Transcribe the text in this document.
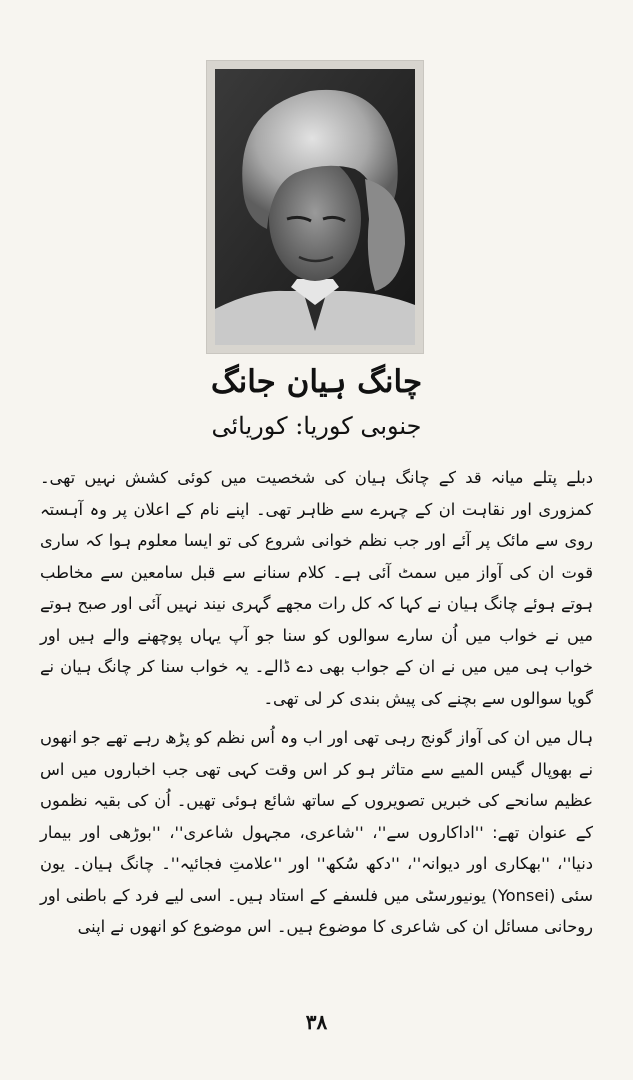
چانگ ہیان جانگ
جنوبی کوریا: کوریائی

دبلے پتلے میانہ قد کے چانگ ہیان کی شخصیت میں کوئی کشش نہیں تھی۔ کمزوری اور نقاہت ان کے چہرے سے ظاہر تھی۔ اپنے نام کے اعلان پر وہ آہستہ روی سے مائک پر آئے اور جب نظم خوانی شروع کی تو ایسا معلوم ہوا کہ ساری قوت ان کی آواز میں سمٹ آئی ہے۔ کلام سنانے سے قبل سامعین سے مخاطب ہوتے ہوئے چانگ ہیان نے کہا کہ کل رات مجھے گہری نیند نہیں آئی اور صبح ہوتے میں نے خواب میں اُن سارے سوالوں کو سنا جو آپ یہاں پوچھنے والے ہیں اور خواب ہی میں میں نے ان کے جواب بھی دے ڈالے۔ یہ خواب سنا کر چانگ ہیان نے گویا سوالوں سے بچنے کی پیش بندی کر لی تھی۔

ہال میں ان کی آواز گونج رہی تھی اور اب وہ اُس نظم کو پڑھ رہے تھے جو انھوں نے بھوپال گیس المیے سے متاثر ہو کر اس وقت کہی تھی جب اخباروں میں اس عظیم سانحے کی خبریں تصویروں کے ساتھ شائع ہوئی تھیں۔ اُن کی بقیہ نظموں کے عنوان تھے: ''اداکاروں سے''، ''شاعری، مجہول شاعری''، ''بوڑھی اور بیمار دنیا''، ''بھکاری اور دیوانہ''، ''دکھ سُکھ'' اور ''علامتِ فجائیہ''۔ چانگ ہیان۔ یون سئی (Yonsei) یونیورسٹی میں فلسفے کے استاد ہیں۔ اسی لیے فرد کے باطنی اور روحانی مسائل ان کی شاعری کا موضوع ہیں۔ اس موضوع کو انھوں نے اپنی

۳۸
